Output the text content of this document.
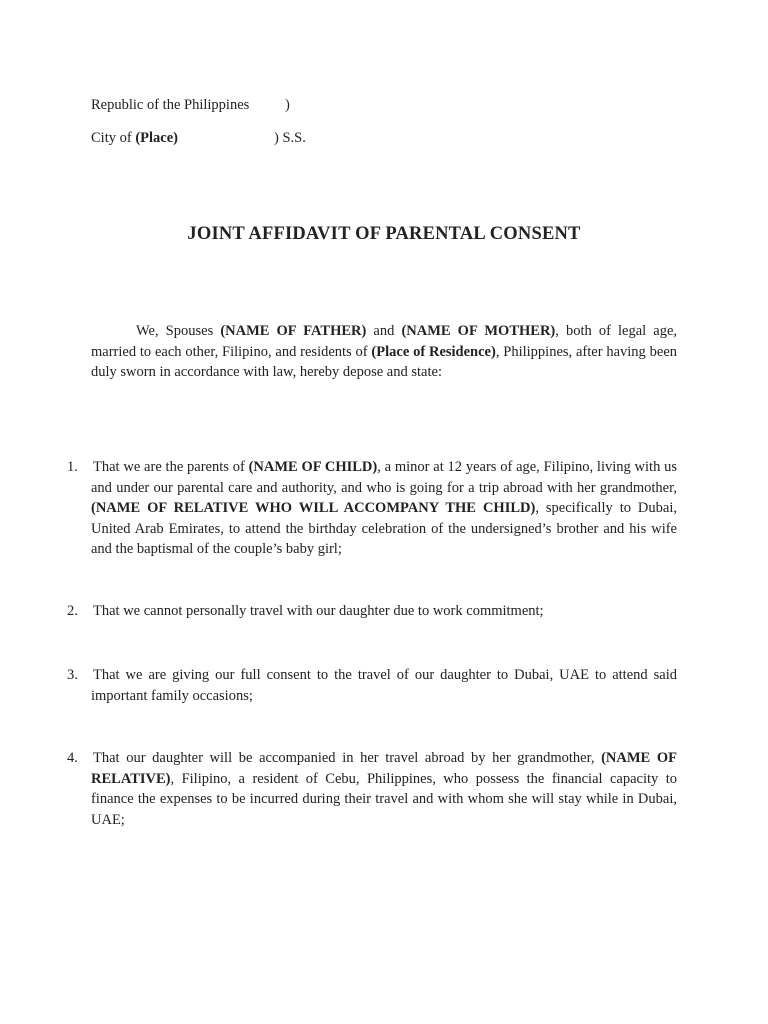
Republic of the Philippines )
City of (Place)	) S.S.
JOINT AFFIDAVIT OF PARENTAL CONSENT

We, Spouses (NAME OF FATHER) and (NAME OF MOTHER), both of legal age, married to each other, Filipino, and residents of (Place of Residence), Philippines, after having been duly sworn in accordance with law, hereby depose and state:

1. That we are the parents of (NAME OF CHILD), a minor at 12 years of age, Filipino, living with us and under our parental care and authority, and who is going for a trip abroad with her grandmother, (NAME OF RELATIVE WHO WILL ACCOMPANY THE CHILD), specifically to Dubai, United Arab Emirates, to attend the birthday celebration of the undersigned’s brother and his wife and the baptismal of the couple’s baby girl;

2. That we cannot personally travel with our daughter due to work commitment;

3. That we are giving our full consent to the travel of our daughter to Dubai, UAE to attend said important family occasions;

4. That our daughter will be accompanied in her travel abroad by her grandmother, (NAME OF RELATIVE), Filipino, a resident of Cebu, Philippines, who possess the financial capacity to finance the expenses to be incurred during their travel and with whom she will stay while in Dubai, UAE;
